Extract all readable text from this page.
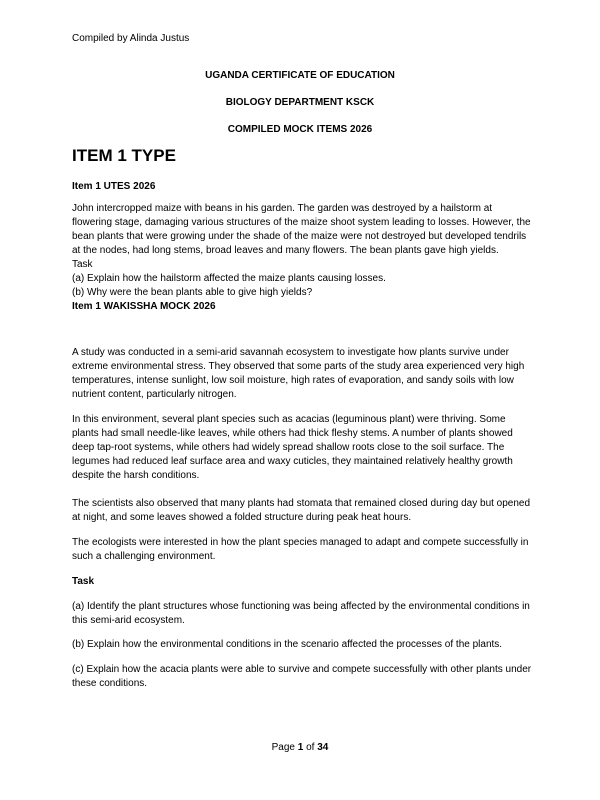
Compiled by Alinda Justus
UGANDA CERTIFICATE OF EDUCATION
BIOLOGY DEPARTMENT KSCK
COMPILED MOCK ITEMS 2026
ITEM 1 TYPE
Item 1 UTES 2026
John intercropped maize with beans in his garden. The garden was destroyed by a hailstorm at flowering stage, damaging various structures of the maize shoot system leading to losses. However, the bean plants that were growing under the shade of the maize were not destroyed but developed tendrils at the nodes, had long stems, broad leaves and many flowers. The bean plants gave high yields.
Task
(a) Explain how the hailstorm affected the maize plants causing losses.
(b) Why were the bean plants able to give high yields?
Item 1 WAKISSHA MOCK 2026
A study was conducted in a semi-arid savannah ecosystem to investigate how plants survive under extreme environmental stress. They observed that some parts of the study area experienced very high temperatures, intense sunlight, low soil moisture, high rates of evaporation, and sandy soils with low nutrient content, particularly nitrogen.
In this environment, several plant species such as acacias (leguminous plant) were thriving. Some plants had small needle-like leaves, while others had thick fleshy stems. A number of plants showed deep tap-root systems, while others had widely spread shallow roots close to the soil surface. The legumes had reduced leaf surface area and waxy cuticles, they maintained relatively healthy growth despite the harsh conditions.
The scientists also observed that many plants had stomata that remained closed during day but opened at night, and some leaves showed a folded structure during peak heat hours.
The ecologists were interested in how the plant species managed to adapt and compete successfully in such a challenging environment.
Task
(a) Identify the plant structures whose functioning was being affected by the environmental conditions in this semi-arid ecosystem.
(b) Explain how the environmental conditions in the scenario affected the processes of the plants.
(c) Explain how the acacia plants were able to survive and compete successfully with other plants under these conditions.
Page 1 of 34
